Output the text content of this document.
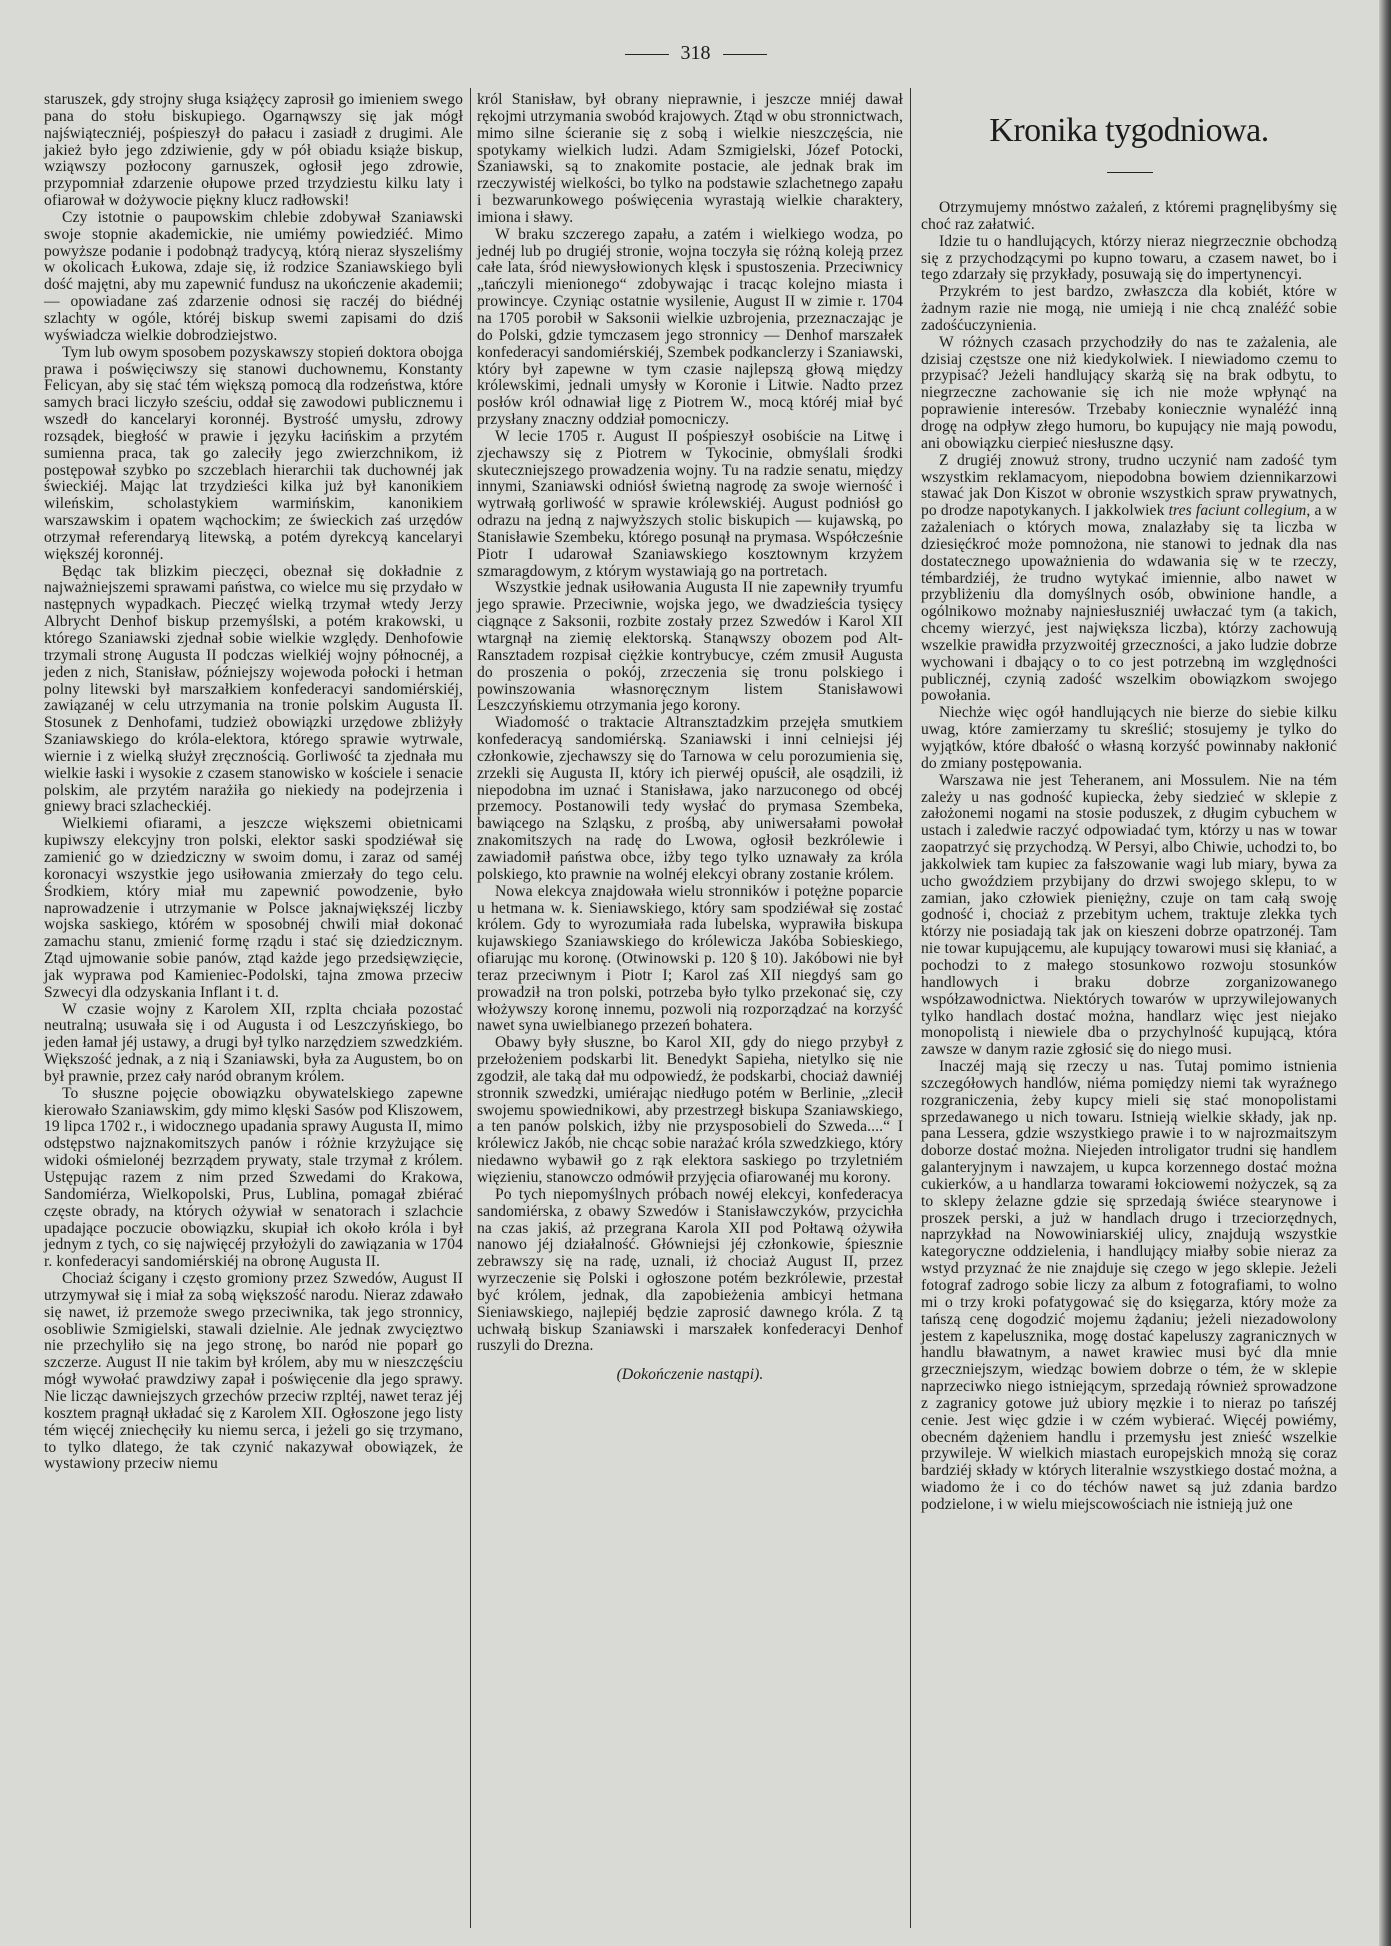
318

staruszek, gdy strojny sługa książęcy zaprosił go imieniem swego pana do stołu biskupiego. Ogarnąwszy się jak mógł najświąteczniéj, pośpieszył do pałacu i zasiadł z drugimi. Ale jakież było jego zdziwienie, gdy w pół obiadu książe biskup, wziąwszy pozłocony garnuszek, ogłosił jego zdrowie, przypomniał zdarzenie ołupowe przed trzydziestu kilku laty i ofiarował w dożywocie piękny klucz radłowski!

Czy istotnie o paupowskim chlebie zdobywał Szaniawski swoje stopnie akademickie, nie umiémy powiedziéć. Mimo powyższe podanie i podobnąż tradycyą, którą nieraz słyszeliśmy w okolicach Łukowa, zdaje się, iż rodzice Szaniawskiego byli dość majętni, aby mu zapewnić fundusz na ukończenie akademii; — opowiadane zaś zdarzenie odnosi się raczéj do biédnéj szlachty w ogóle, któréj biskup swemi zapisami do dziś wyświadcza wielkie dobrodziejstwo.

Tym lub owym sposobem pozyskawszy stopień doktora obojga prawa i poświęciwszy się stanowi duchownemu, Konstanty Felicyan, aby się stać tém większą pomocą dla rodzeństwa, które samych braci liczyło sześciu, oddał się zawodowi publicznemu i wszedł do kancelaryi koronnéj. Bystrość umysłu, zdrowy rozsądek, biegłość w prawie i języku łacińskim a przytém sumienna praca, tak go zaleciły jego zwierzchnikom, iż postępował szybko po szczeblach hierarchii tak duchownéj jak świeckiéj. Mając lat trzydzieści kilka już był kanonikiem wileńskim, scholastykiem warmińskim, kanonikiem warszawskim i opatem wąchockim; ze świeckich zaś urzędów otrzymał referendaryą litewską, a potém dyrekcyą kancelaryi większéj koronnéj.

Będąc tak blizkim pieczęci, obeznał się dokładnie z najważniejszemi sprawami państwa, co wielce mu się przydało w następnych wypadkach. Pieczęć wielką trzymał wtedy Jerzy Albrycht Denhof biskup przemyślski, a potém krakowski, u którego Szaniawski zjednał sobie wielkie względy. Denhofowie trzymali stronę Augusta II podczas wielkiéj wojny północnéj, a jeden z nich, Stanisław, późniejszy wojewoda połocki i hetman polny litewski był marszałkiem konfederacyi sandomiérskiéj, zawiązanéj w celu utrzymania na tronie polskim Augusta II. Stosunek z Denhofami, tudzież obowiązki urzędowe zbliżyły Szaniawskiego do króla-elektora, którego sprawie wytrwale, wiernie i z wielką służył zręcznością. Gorliwość ta zjednała mu wielkie łaski i wysokie z czasem stanowisko w kościele i senacie polskim, ale przytém narażiła go niekiedy na podejrzenia i gniewy braci szlacheckiéj.

Wielkiemi ofiarami, a jeszcze większemi obietnicami kupiwszy elekcyjny tron polski, elektor saski spodziéwał się zamienić go w dziedziczny w swoim domu, i zaraz od saméj koronacyi wszystkie jego usiłowania zmierzały do tego celu. Środkiem, który miał mu zapewnić powodzenie, było naprowadzenie i utrzymanie w Polsce jaknajwiększéj liczby wojska saskiego, którém w sposobnéj chwili miał dokonać zamachu stanu, zmienić formę rządu i stać się dziedzicznym. Ztąd ujmowanie sobie panów, ztąd każde jego przedsięwzięcie, jak wyprawa pod Kamieniec-Podolski, tajna zmowa przeciw Szwecyi dla odzyskania Inflant i t. d.

W czasie wojny z Karolem XII, rzplta chciała pozostać neutralną; usuwała się i od Augusta i od Leszczyńskiego, bo jeden łamał jéj ustawy, a drugi był tylko narzędziem szwedzkiém. Większość jednak, a z nią i Szaniawski, była za Augustem, bo on był prawnie, przez cały naród obranym królem.

To słuszne pojęcie obowiązku obywatelskiego zapewne kierowało Szaniawskim, gdy mimo klęski Sasów pod Kliszowem, 19 lipca 1702 r., i widocznego upadania sprawy Augusta II, mimo odstępstwo najznakomitszych panów i różnie krzyżujące się widoki ośmielonéj bezrządem prywaty, stale trzymał z królem. Ustępując razem z nim przed Szwedami do Krakowa, Sandomiérza, Wielkopolski, Prus, Lublina, pomagał zbiérać częste obrady, na których ożywiał w senatorach i szlachcie upadające poczucie obowiązku, skupiał ich około króla i był jednym z tych, co się najwięcéj przyłożyli do zawiązania w 1704 r. konfederacyi sandomiérskiéj na obronę Augusta II.

Chociaż ścigany i często gromiony przez Szwedów, August II utrzymywał się i miał za sobą większość narodu. Nieraz zdawało się nawet, iż przemoże swego przeciwnika, tak jego stronnicy, osobliwie Szmigielski, stawali dzielnie. Ale jednak zwycięztwo nie przechyliło się na jego stronę, bo naród nie poparł go szczerze. August II nie takim był królem, aby mu w nieszczęściu mógł wywołać prawdziwy zapał i poświęcenie dla jego sprawy. Nie licząc dawniejszych grzechów przeciw rzpltéj, nawet teraz jéj kosztem pragnął układać się z Karolem XII. Ogłoszone jego listy tém więcéj zniechęciły ku niemu serca, i jeżeli go się trzymano, to tylko dlatego, że tak czynić nakazywał obowiązek, że wystawiony przeciw niemu

król Stanisław, był obrany nieprawnie, i jeszcze mniéj dawał rękojmi utrzymania swobód krajowych. Ztąd w obu stronnictwach, mimo silne ścieranie się z sobą i wielkie nieszczęścia, nie spotykamy wielkich ludzi. Adam Szmigielski, Józef Potocki, Szaniawski, są to znakomite postacie, ale jednak brak im rzeczywistéj wielkości, bo tylko na podstawie szlachetnego zapału i bezwarunkowego poświęcenia wyrastają wielkie charaktery, imiona i sławy.

W braku szczerego zapału, a zatém i wielkiego wodza, po jednéj lub po drugiéj stronie, wojna toczyła się różną koleją przez całe lata, śród niewysłowionych klęsk i spustoszenia. Przeciwnicy „tańczyli mienionego“ zdobywając i tracąc kolejno miasta i prowincye. Czyniąc ostatnie wysilenie, August II w zimie r. 1704 na 1705 porobił w Saksonii wielkie uzbrojenia, przeznaczając je do Polski, gdzie tymczasem jego stronnicy — Denhof marszałek konfederacyi sandomiérskiéj, Szembek podkanclerzy i Szaniawski, który był zapewne w tym czasie najlepszą głową między królewskimi, jednali umysły w Koronie i Litwie. Nadto przez posłów król odnawiał ligę z Piotrem W., mocą któréj miał być przysłany znaczny oddział pomocniczy.

W lecie 1705 r. August II pośpieszył osobiście na Litwę i zjechawszy się z Piotrem w Tykocinie, obmyślali środki skuteczniejszego prowadzenia wojny. Tu na radzie senatu, między innymi, Szaniawski odniósł świetną nagrodę za swoje wierność i wytrwałą gorliwość w sprawie królewskiéj. August podniósł go odrazu na jedną z najwyższych stolic biskupich — kujawską, po Stanisławie Szembeku, którego posunął na prymasa. Współcześnie Piotr I udarował Szaniawskiego kosztownym krzyżem szmaragdowym, z którym wystawiają go na portretach.

Wszystkie jednak usiłowania Augusta II nie zapewniły tryumfu jego sprawie. Przeciwnie, wojska jego, we dwadzieścia tysięcy ciągnące z Saksonii, rozbite zostały przez Szwedów i Karol XII wtargnął na ziemię elektorską. Stanąwszy obozem pod Alt-Ransztadem rozpisał ciężkie kontrybucye, czém zmusił Augusta do proszenia o pokój, zrzeczenia się tronu polskiego i powinszowania własnoręcznym listem Stanisławowi Leszczyńskiemu otrzymania jego korony.

Wiadomość o traktacie Altransztadzkim przejęła smutkiem konfederacyą sandomiérską. Szaniawski i inni celniejsi jéj członkowie, zjechawszy się do Tarnowa w celu porozumienia się, zrzekli się Augusta II, który ich pierwéj opuścił, ale osądzili, iż niepodobna im uznać i Stanisława, jako narzuconego od obcéj przemocy. Postanowili tedy wysłać do prymasa Szembeka, bawiącego na Szląsku, z prośbą, aby uniwersałami powołał znakomitszych na radę do Lwowa, ogłosił bezkrólewie i zawiadomił państwa obce, iżby tego tylko uznawały za króla polskiego, kto prawnie na wolnéj elekcyi obrany zostanie królem.

Nowa elekcya znajdowała wielu stronników i potężne poparcie u hetmana w. k. Sieniawskiego, który sam spodziéwał się zostać królem. Gdy to wyrozumiała rada lubelska, wyprawiła biskupa kujawskiego Szaniawskiego do królewicza Jakóba Sobieskiego, ofiarując mu koronę. (Otwinowski p. 120 § 10). Jakóbowi nie był teraz przeciwnym i Piotr I; Karol zaś XII niegdyś sam go prowadził na tron polski, potrzeba było tylko przekonać się, czy włożywszy koronę innemu, pozwoli nią rozporządzać na korzyść nawet syna uwielbianego przezeń bohatera.

Obawy były słuszne, bo Karol XII, gdy do niego przybył z przełożeniem podskarbi lit. Benedykt Sapieha, nietylko się nie zgodził, ale taką dał mu odpowiedź, że podskarbi, chociaż dawniéj stronnik szwedzki, umiérając niedługo potém w Berlinie, „zlecił swojemu spowiednikowi, aby przestrzegł biskupa Szaniawskiego, a ten panów polskich, iżby nie przysposobieli do Szweda....“ I królewicz Jakób, nie chcąc sobie narażać króla szwedzkiego, który niedawno wybawił go z rąk elektora saskiego po trzyletniém więzieniu, stanowczo odmówił przyjęcia ofiarowanéj mu korony.

Po tych niepomyślnych próbach nowéj elekcyi, konfederacya sandomiérska, z obawy Szwedów i Stanisławczyków, przycichła na czas jakiś, aż przegrana Karola XII pod Połtawą ożywiła nanowo jéj działalność. Główniejsi jéj członkowie, śpiesznie zebrawszy się na radę, uznali, iż chociaż August II, przez wyrzeczenie się Polski i ogłoszone potém bezkrólewie, przestał być królem, jednak, dla zapobieżenia ambicyi hetmana Sieniawskiego, najlepiéj będzie zaprosić dawnego króla. Z tą uchwałą biskup Szaniawski i marszałek konfederacyi Denhof ruszyli do Drezna.

(Dokończenie nastąpi).

Kronika tygodniowa.

Otrzymujemy mnóstwo zażaleń, z któremi pragnęlibyśmy się choć raz załatwić.

Idzie tu o handlujących, którzy nieraz niegrzecznie obchodzą się z przychodzącymi po kupno towaru, a czasem nawet, bo i tego zdarzały się przykłady, posuwają się do impertynencyi.

Przykrém to jest bardzo, zwłaszcza dla kobiét, które w żadnym razie nie mogą, nie umieją i nie chcą znaléźć sobie zadośćuczynienia.

W różnych czasach przychodziły do nas te zażalenia, ale dzisiaj częstsze one niż kiedykolwiek. I niewiadomo czemu to przypisać? Jeżeli handlujący skarżą się na brak odbytu, to niegrzeczne zachowanie się ich nie może wpłynąć na poprawienie interesów. Trzebaby koniecznie wynaléźć inną drogę na odpływ złego humoru, bo kupujący nie mają powodu, ani obowiązku cierpieć niesłuszne dąsy.

Z drugiéj znowuż strony, trudno uczynić nam zadość tym wszystkim reklamacyom, niepodobna bowiem dziennikarzowi stawać jak Don Kiszot w obronie wszystkich spraw prywatnych, po drodze napotykanych. I jakkolwiek tres faciunt collegium, a w zażaleniach o których mowa, znalazłaby się ta liczba w dziesięćkroć może pomnożona, nie stanowi to jednak dla nas dostatecznego upoważnienia do wdawania się w te rzeczy, témbardziéj, że trudno wytykać imiennie, albo nawet w przybliżeniu dla domyślnych osób, obwinione handle, a ogólnikowo możnaby najniesłuszniéj uwłaczać tym (a takich, chcemy wierzyć, jest największa liczba), którzy zachowują wszelkie prawidła przyzwoitéj grzeczności, a jako ludzie dobrze wychowani i dbający o to co jest potrzebną im względności publicznéj, czynią zadość wszelkim obowiązkom swojego powołania.

Niechże więc ogół handlujących nie bierze do siebie kilku uwag, które zamierzamy tu skreślić; stosujemy je tylko do wyjątków, które dbałość o własną korzyść powinnaby nakłonić do zmiany postępowania.

Warszawa nie jest Teheranem, ani Mossulem. Nie na tém zależy u nas godność kupiecka, żeby siedzieć w sklepie z założonemi nogami na stosie poduszek, z długim cybuchem w ustach i zaledwie raczyć odpowiadać tym, którzy u nas w towar zaopatrzyć się przychodzą. W Persyi, albo Chiwie, uchodzi to, bo jakkolwiek tam kupiec za fałszowanie wagi lub miary, bywa za ucho gwoździem przybijany do drzwi swojego sklepu, to w zamian, jako człowiek pieniężny, czuje on tam całą swoję godność i, chociaż z przebitym uchem, traktuje zlekka tych którzy nie posiadają tak jak on kieszeni dobrze opatrzonéj. Tam nie towar kupującemu, ale kupujący towarowi musi się kłaniać, a pochodzi to z małego stosunkowo rozwoju stosunków handlowych i braku dobrze zorganizowanego współzawodnictwa. Niektórych towarów w uprzywilejowanych tylko handlach dostać można, handlarz więc jest niejako monopolistą i niewiele dba o przychylność kupującą, która zawsze w danym razie zgłosić się do niego musi.

Inaczéj mają się rzeczy u nas. Tutaj pomimo istnienia szczegółowych handlów, niéma pomiędzy niemi tak wyraźnego rozgraniczenia, żeby kupcy mieli się stać monopolistami sprzedawanego u nich towaru. Istnieją wielkie składy, jak np. pana Lessera, gdzie wszystkiego prawie i to w najrozmaitszym doborze dostać można. Niejeden introligator trudni się handlem galanteryjnym i nawzajem, u kupca korzennego dostać można cukierków, a u handlarza towarami łokciowemi nożyczek, są za to sklepy żelazne gdzie się sprzedają świéce stearynowe i proszek perski, a już w handlach drugo i trzeciorzędnych, naprzykład na Nowowiniarskiéj ulicy, znajdują wszystkie kategoryczne oddzielenia, i handlujący miałby sobie nieraz za wstyd przyznać że nie znajduje się czego w jego sklepie. Jeżeli fotograf zadrogo sobie liczy za album z fotografiami, to wolno mi o trzy kroki pofatygować się do księgarza, który może za tańszą cenę dogodzić mojemu żądaniu; jeżeli niezadowolony jestem z kapelusznika, mogę dostać kapeluszy zagranicznych w handlu bławatnym, a nawet krawiec musi być dla mnie grzeczniejszym, wiedząc bowiem dobrze o tém, że w sklepie naprzeciwko niego istniejącym, sprzedają również sprowadzone z zagranicy gotowe już ubiory męzkie i to nieraz po tańszéj cenie. Jest więc gdzie i w czém wybierać. Więcéj powiémy, obecném dążeniem handlu i przemysłu jest znieść wszelkie przywileje. W wielkich miastach europejskich mnożą się coraz bardziéj składy w których literalnie wszystkiego dostać można, a wiadomo że i co do téchów nawet są już zdania bardzo podzielone, i w wielu miejscowościach nie istnieją już one
